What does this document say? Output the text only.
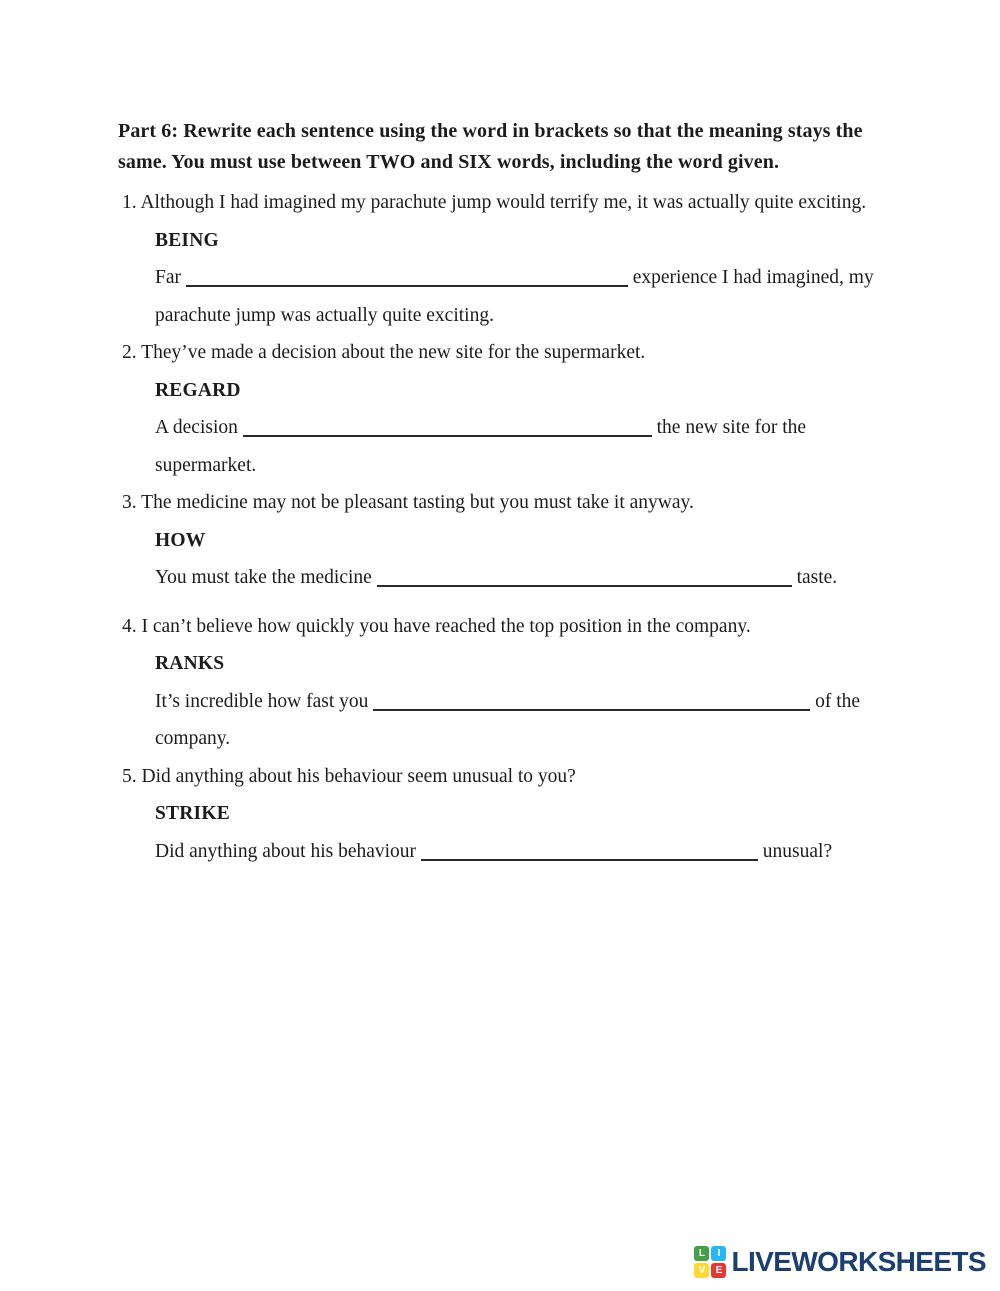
Part 6: Rewrite each sentence using the word in brackets so that the meaning stays the same. You must use between TWO and SIX words, including the word given.

1. Although I had imagined my parachute jump would terrify me, it was actually quite exciting.

BEING

Far	experience I had imagined, my parachute jump was actually quite exciting.

2. They’ve made a decision about the new site for the supermarket.

REGARD

A decision	the new site for the supermarket.

3. The medicine may not be pleasant tasting but you must take it anyway.

HOW

You must take the medicine	taste.

4. I can’t believe how quickly you have reached the top position in the company.

RANKS

It’s incredible how fast you	of the company.

5. Did anything about his behaviour seem unusual to you?

STRIKE

Did anything about his behaviour	unusual?

L	I
V	E LIVEWORKSHEETS
